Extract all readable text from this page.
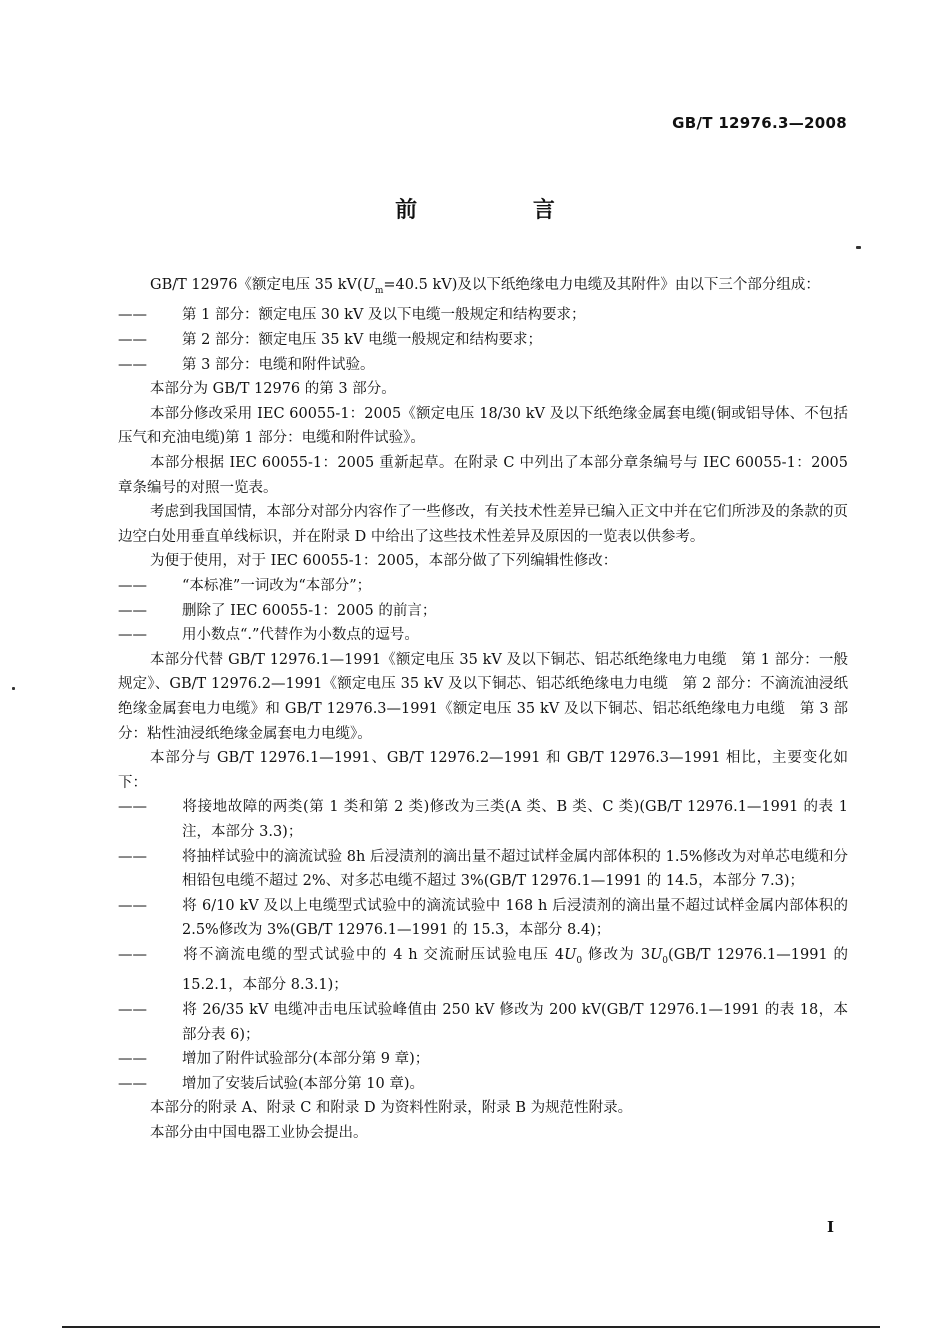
GB/T 12976.3—2008
前 言

GB/T 12976《额定电压 35 $kV(U_m=40.5$ kV)及以下纸绝缘电力电缆及其附件》由以下三个部分组成：

—— 第 1 部分：额定电压 30 kV 及以下电缆一般规定和结构要求；

—— 第 2 部分：额定电压 35 kV 电缆一般规定和结构要求；

—— 第 3 部分：电缆和附件试验。

本部分为 GB/T 12976 的第 3 部分。

本部分修改采用 IEC 60055-1：2005《额定电压 18/30 kV 及以下纸绝缘金属套电缆(铜或铝导体、不包括压气和充油电缆)第 1 部分：电缆和附件试验》。

本部分根据 IEC 60055-1：2005 重新起草。在附录 C 中列出了本部分章条编号与 IEC 60055-1：2005 章条编号的对照一览表。

考虑到我国国情，本部分对部分内容作了一些修改，有关技术性差异已编入正文中并在它们所涉及的条款的页边空白处用垂直单线标识，并在附录 D 中给出了这些技术性差异及原因的一览表以供参考。

为便于使用，对于 IEC 60055-1：2005，本部分做了下列编辑性修改：

—— “本标准”一词改为“本部分”；

—— 删除了 IEC 60055-1：2005 的前言；

—— 用小数点“.”代替作为小数点的逗号。

本部分代替 GB/T 12976.1—1991《额定电压 35 kV 及以下铜芯、铝芯纸绝缘电力电缆　第 1 部分：一般规定》、GB/T 12976.2—1991《额定电压 35 kV 及以下铜芯、铝芯纸绝缘电力电缆　第 2 部分：不滴流油浸纸绝缘金属套电力电缆》和 GB/T 12976.3—1991《额定电压 35 kV 及以下铜芯、铝芯纸绝缘电力电缆　第 3 部分：粘性油浸纸绝缘金属套电力电缆》。

本部分与 GB/T 12976.1—1991、GB/T 12976.2—1991 和 GB/T 12976.3—1991 相比，主要变化如下：

—— 将接地故障的两类(第 1 类和第 2 类)修改为三类(A 类、B 类、C 类)(GB/T 12976.1—1991 的表 1 注，本部分 3.3)；

—— 将抽样试验中的滴流试验 8h 后浸渍剂的滴出量不超过试样金属内部体积的 1.5%修改为对单芯电缆和分相铅包电缆不超过 2%、对多芯电缆不超过 3%(GB/T 12976.1—1991 的 14.5，本部分 7.3)；

—— 将 6/10 kV 及以上电缆型式试验中的滴流试验中 168 h 后浸渍剂的滴出量不超过试样金属内部体积的 2.5%修改为 3%(GB/T 12976.1—1991 的 15.3，本部分 8.4)；

—— 将不滴流电缆的型式试验中的 4 h 交流耐压试验电压 $4U_0$ 修改为 $3U_0(GB/T$ 12976.1—1991 的 15.2.1，本部分 8.3.1)；

—— 将 26/35 kV 电缆冲击电压试验峰值由 250 kV 修改为 200 kV(GB/T 12976.1—1991 的表 18，本部分表 6)；

—— 增加了附件试验部分(本部分第 9 章)；

—— 增加了安装后试验(本部分第 10 章)。

本部分的附录 A、附录 C 和附录 D 为资料性附录，附录 B 为规范性附录。

本部分由中国电器工业协会提出。

I
